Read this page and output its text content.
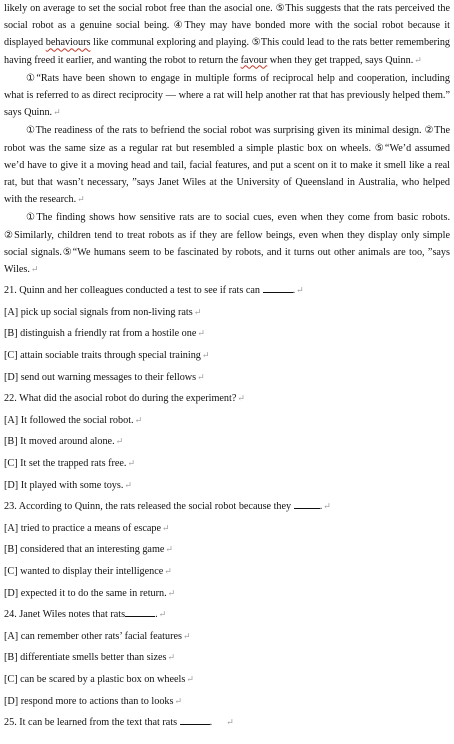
likely on average to set the social robot free than the asocial one. ⑤This suggests that the rats perceived the social robot as a genuine social being. ④They may have bonded more with the social robot because it displayed behaviours like communal exploring and playing. ⑤This could lead to the rats better remembering having freed it earlier, and wanting the robot to return the favour when they get trapped, says Quinn.↵

①“Rats have been shown to engage in multiple forms of reciprocal help and cooperation, including what is referred to as direct reciprocity — where a rat will help another rat that has previously helped them.” says Quinn.↵

①The readiness of the rats to befriend the social robot was surprising given its minimal design. ②The robot was the same size as a regular rat but resembled a simple plastic box on wheels. ⑤“We’d assumed we’d have to give it a moving head and tail, facial features, and put a scent on it to make it smell like a real rat, but that wasn’t necessary, ”says Janet Wiles at the University of Queensland in Australia, who helped with the research.↵

①The finding shows how sensitive rats are to social cues, even when they come from basic robots. ②Similarly, children tend to treat robots as if they are fellow beings, even when they display only simple social signals.⑤“We humans seem to be fascinated by robots, and it turns out other animals are too, ”says Wiles.↵

21. Quinn and her colleagues conducted a test to see if rats can	.↵

[A] pick up social signals from non-living rats↵

[B] distinguish a friendly rat from a hostile one↵

[C] attain sociable traits through special training↵

[D] send out warning messages to their fellows↵

22. What did the asocial robot do during the experiment?↵

[A] It followed the social robot.↵

[B] It moved around alone.↵

[C] It set the trapped rats free.↵

[D] It played with some toys.↵

23. According to Quinn, the rats released the social robot because they	.↵

[A] tried to practice a means of escape↵

[B] considered that an interesting game↵

[C] wanted to display their intelligence↵

[D] expected it to do the same in return.↵

24. Janet Wiles notes that rats	.↵

[A] can remember other rats’ facial features↵

[B] differentiate smells better than sizes↵

[C] can be scared by a plastic box on wheels↵

[D] respond more to actions than to looks↵

25. It can be learned from the text that rats	. ↵
